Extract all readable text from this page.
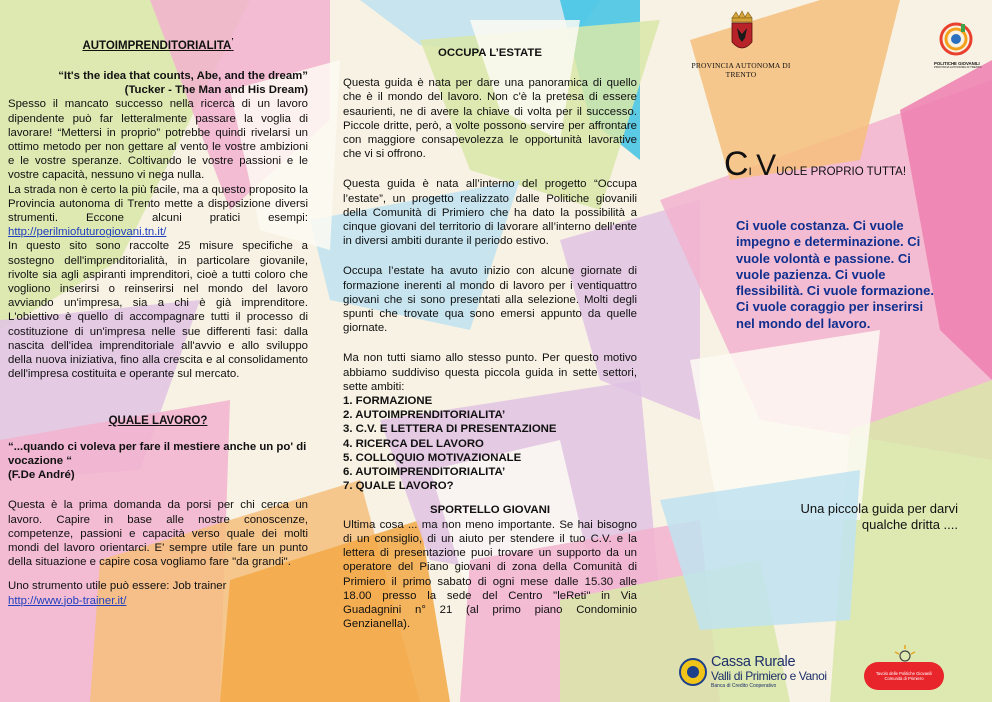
AUTOIMPRENDITORIALITA’

“It's the idea that counts, Abe, and the dream”

(Tucker - The Man and His Dream)

Spesso il mancato successo nella ricerca di un lavoro dipendente può far letteralmente passare la voglia di lavorare! “Mettersi in proprio” potrebbe quindi rivelarsi un ottimo metodo per non gettare al vento le vostre ambizioni e le vostre speranze. Coltivando le vostre passioni e le vostre capacità, nessuno vi nega nulla.

La strada non è certo la più facile, ma a questo proposito la Provincia autonoma di Trento mette a disposizione diversi strumenti. Eccone alcuni pratici esempi: http://perilmiofuturogiovani.tn.it/

In questo sito sono raccolte 25 misure specifiche a sostegno dell'imprenditorialità, in particolare giovanile, rivolte sia agli aspiranti imprenditori, cioè a tutti coloro che vogliono inserirsi o reinserirsi nel mondo del lavoro avviando un'impresa, sia a chi è già imprenditore. L'obiettivo è quello di accompagnare tutti il processo di costituzione di un'impresa nelle sue differenti fasi: dalla nascita dell'idea imprenditoriale all'avvio e allo sviluppo della nuova iniziativa, fino alla crescita e al consolidamento dell'impresa costituita e operante sul mercato.

QUALE LAVORO?

“...quando ci voleva per fare il mestiere anche un po' di vocazione “

(F.De André)

Questa è la prima domanda da porsi per chi cerca un lavoro. Capire in base alle nostre conoscenze, competenze, passioni e capacità verso quale dei molti mondi del lavoro orientarci. E' sempre utile fare un punto della situazione e capire cosa vogliamo fare "da grandi".

Uno strumento utile può essere: Job trainer

http://www.job-trainer.it/

OCCUPA L’ESTATE

Questa guida è nata per dare una panoramica di quello che è il mondo del lavoro. Non c'è la pretesa di essere esaurienti, ne di avere la chiave di volta per il successo. Piccole dritte, però, a volte possono servire per affrontare con maggiore consapevolezza le opportunità lavorative che vi si offrono.

Questa guida è nata all’interno del progetto “Occupa l’estate”, un progetto realizzato dalle Politiche giovanili della Comunità di Primiero che ha dato la possibilità a cinque giovani del territorio di lavorare all’interno dell’ente in diversi ambiti durante il periodo estivo.

Occupa l’estate ha avuto inizio con alcune giornate di formazione inerenti al mondo di lavoro per i ventiquattro giovani che si sono presentati alla selezione. Molti degli spunti che trovate qua sono emersi appunto da quelle giornate.

Ma non tutti siamo allo stesso punto. Per questo motivo abbiamo suddiviso questa piccola guida in sette settori, sette ambiti:

1. FORMAZIONE
2. AUTOIMPRENDITORIALITA’
3. C.V. E LETTERA DI PRESENTAZIONE
4. RICERCA DEL LAVORO
5. COLLOQUIO MOTIVAZIONALE
6. AUTOIMPRENDITORIALITA’
7. QUALE LAVORO?

SPORTELLO GIOVANI

Ultima cosa ... ma non meno importante. Se hai bisogno di un consiglio, di un aiuto per stendere il tuo C.V. e la lettera di presentazione puoi trovare un supporto da un operatore del Piano giovani di zona della Comunità di Primiero il primo sabato di ogni mese dalle 15.30 alle 18.00 presso la sede del Centro "leReti" in Via Guadagnini n° 21 (al primo piano Condominio Genzianella).

PROVINCIA AUTONOMA DI TRENTO
POLITICHE GIOVANILI
PROVINCIA AUTONOMA DI TRENTO
CI VUOLE PROPRIO TUTTA!

Ci vuole costanza. Ci vuole impegno e determinazione. Ci vuole volontà e passione. Ci vuole pazienza. Ci vuole flessibilità. Ci vuole formazione. Ci vuole coraggio per inserirsi nel mondo del lavoro.

Una piccola guida per darvi
qualche dritta ....
Cassa Rurale
Valli di Primiero e Vanoi
Banca di Credito Cooperativo
Tavolo delle Politiche Giovanili
Comunità di Primiero
